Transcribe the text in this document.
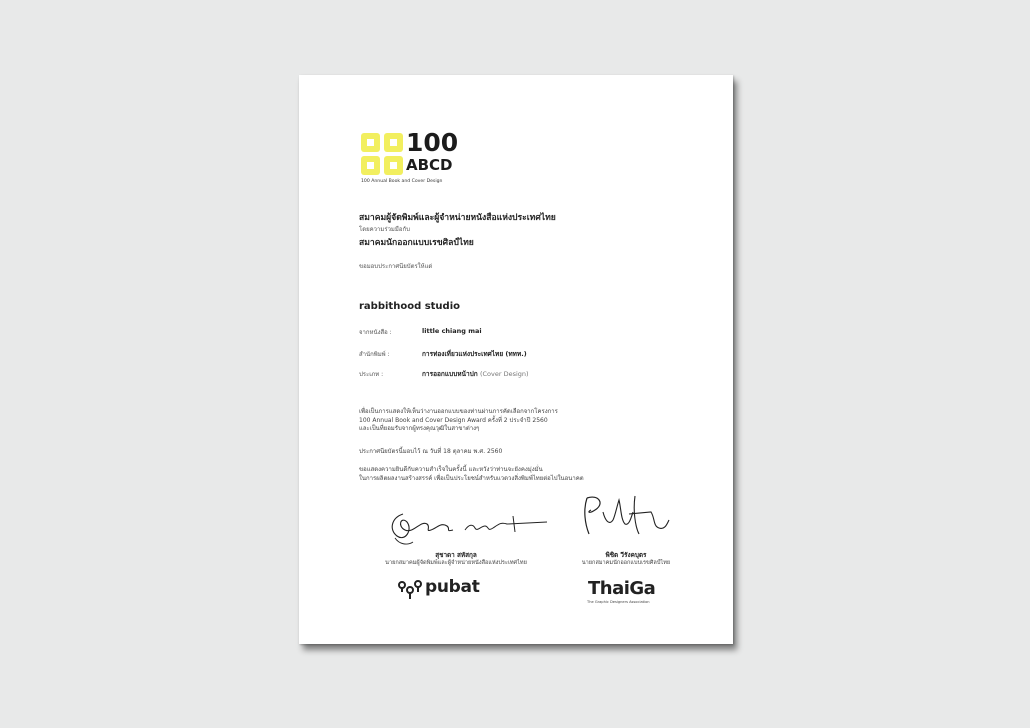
100
ABCD
100 Annual Book and Cover Design
สมาคมผู้จัดพิมพ์และผู้จำหน่ายหนังสือแห่งประเทศไทย
โดยความร่วมมือกับ
สมาคมนักออกแบบเรขศิลป์ไทย
ขอมอบประกาศนียบัตรให้แด่
rabbithood studio
จากหนังสือ :	little chiang mai
สำนักพิมพ์ :	การท่องเที่ยวแห่งประเทศไทย (ททท.)
ประเภท :	การออกแบบหน้าปก (Cover Design)
เพื่อเป็นการแสดงให้เห็นว่างานออกแบบของท่านผ่านการคัดเลือกจากโครงการ
100 Annual Book and Cover Design Award ครั้งที่ 2 ประจำปี 2560
และเป็นที่ยอมรับจากผู้ทรงคุณวุฒิในสาขาต่างๆ
ประกาศนียบัตรนี้มอบไว้ ณ วันที่ 18 ตุลาคม พ.ศ. 2560
ขอแสดงความยินดีกับความสำเร็จในครั้งนี้ และหวังว่าท่านจะยังคงมุ่งมั่น
ในการผลิตผลงานสร้างสรรค์ เพื่อเป็นประโยชน์สำหรับแวดวงสิ่งพิมพ์ไทยต่อไปในอนาคต
สุชาดา สหัสกุล
นายกสมาคมผู้จัดพิมพ์และผู้จำหน่ายหนังสือแห่งประเทศไทย
พิชิต วีรังคบุตร
นายกสมาคมนักออกแบบเรขศิลป์ไทย
pubat	ThaiGa
The Graphic Designers Association
